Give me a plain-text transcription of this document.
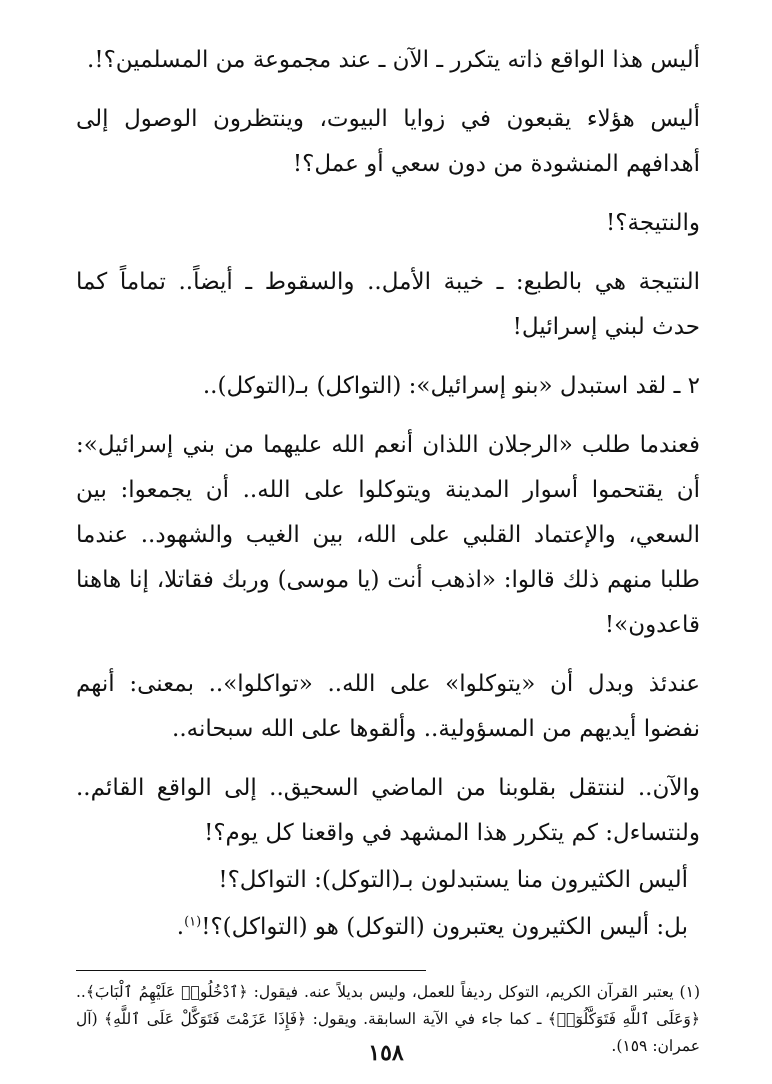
أليس هذا الواقع ذاته يتكرر ـ الآن ـ عند مجموعة من المسلمين؟!.

أليس هؤلاء يقبعون في زوايا البيوت، وينتظرون الوصول إلى أهدافهم المنشودة من دون سعي أو عمل؟!

والنتيجة؟!

النتيجة هي بالطبع: ـ خيبة الأمل.. والسقوط ـ أيضاً.. تماماً كما حدث لبني إسرائيل!

٢ ـ لقد استبدل «بنو إسرائيل»: (التواكل) بـ(التوكل)..

فعندما طلب «الرجلان اللذان أنعم الله عليهما من بني إسرائيل»: أن يقتحموا أسوار المدينة ويتوكلوا على الله.. أن يجمعوا: بين السعي، والإعتماد القلبي على الله، بين الغيب والشهود.. عندما طلبا منهم ذلك قالوا: «اذهب أنت (يا موسى) وربك فقاتلا، إنا هاهنا قاعدون»!

عندئذ وبدل أن «يتوكلوا» على الله.. «تواكلوا».. بمعنى: أنهم نفضوا أيديهم من المسؤولية.. وألقوها على الله سبحانه..

والآن.. لننتقل بقلوبنا من الماضي السحيق.. إلى الواقع القائم.. ولنتساءل: كم يتكرر هذا المشهد في واقعنا كل يوم؟!

أليس الكثيرون منا يستبدلون بـ(التوكل): التواكل؟!

بل: أليس الكثيرون يعتبرون (التوكل) هو (التواكل)؟!$^{(١)}$.

(١) يعتبر القرآن الكريم، التوكل رديفاً للعمل، وليس بديلاً عنه. فيقول: ﴿ٱدْخُلُوا۟ عَلَيْهِمُ ٱلْبَابَ﴾.. ﴿وَعَلَى ٱللَّهِ فَتَوَكَّلُوٓا۟﴾ ـ كما جاء في الآية السابقة. ويقول: ﴿فَإِذَا عَزَمْتَ فَتَوَكَّلْ عَلَى ٱللَّهِ﴾ (آل عمران: ١٥٩).

١٥٨
